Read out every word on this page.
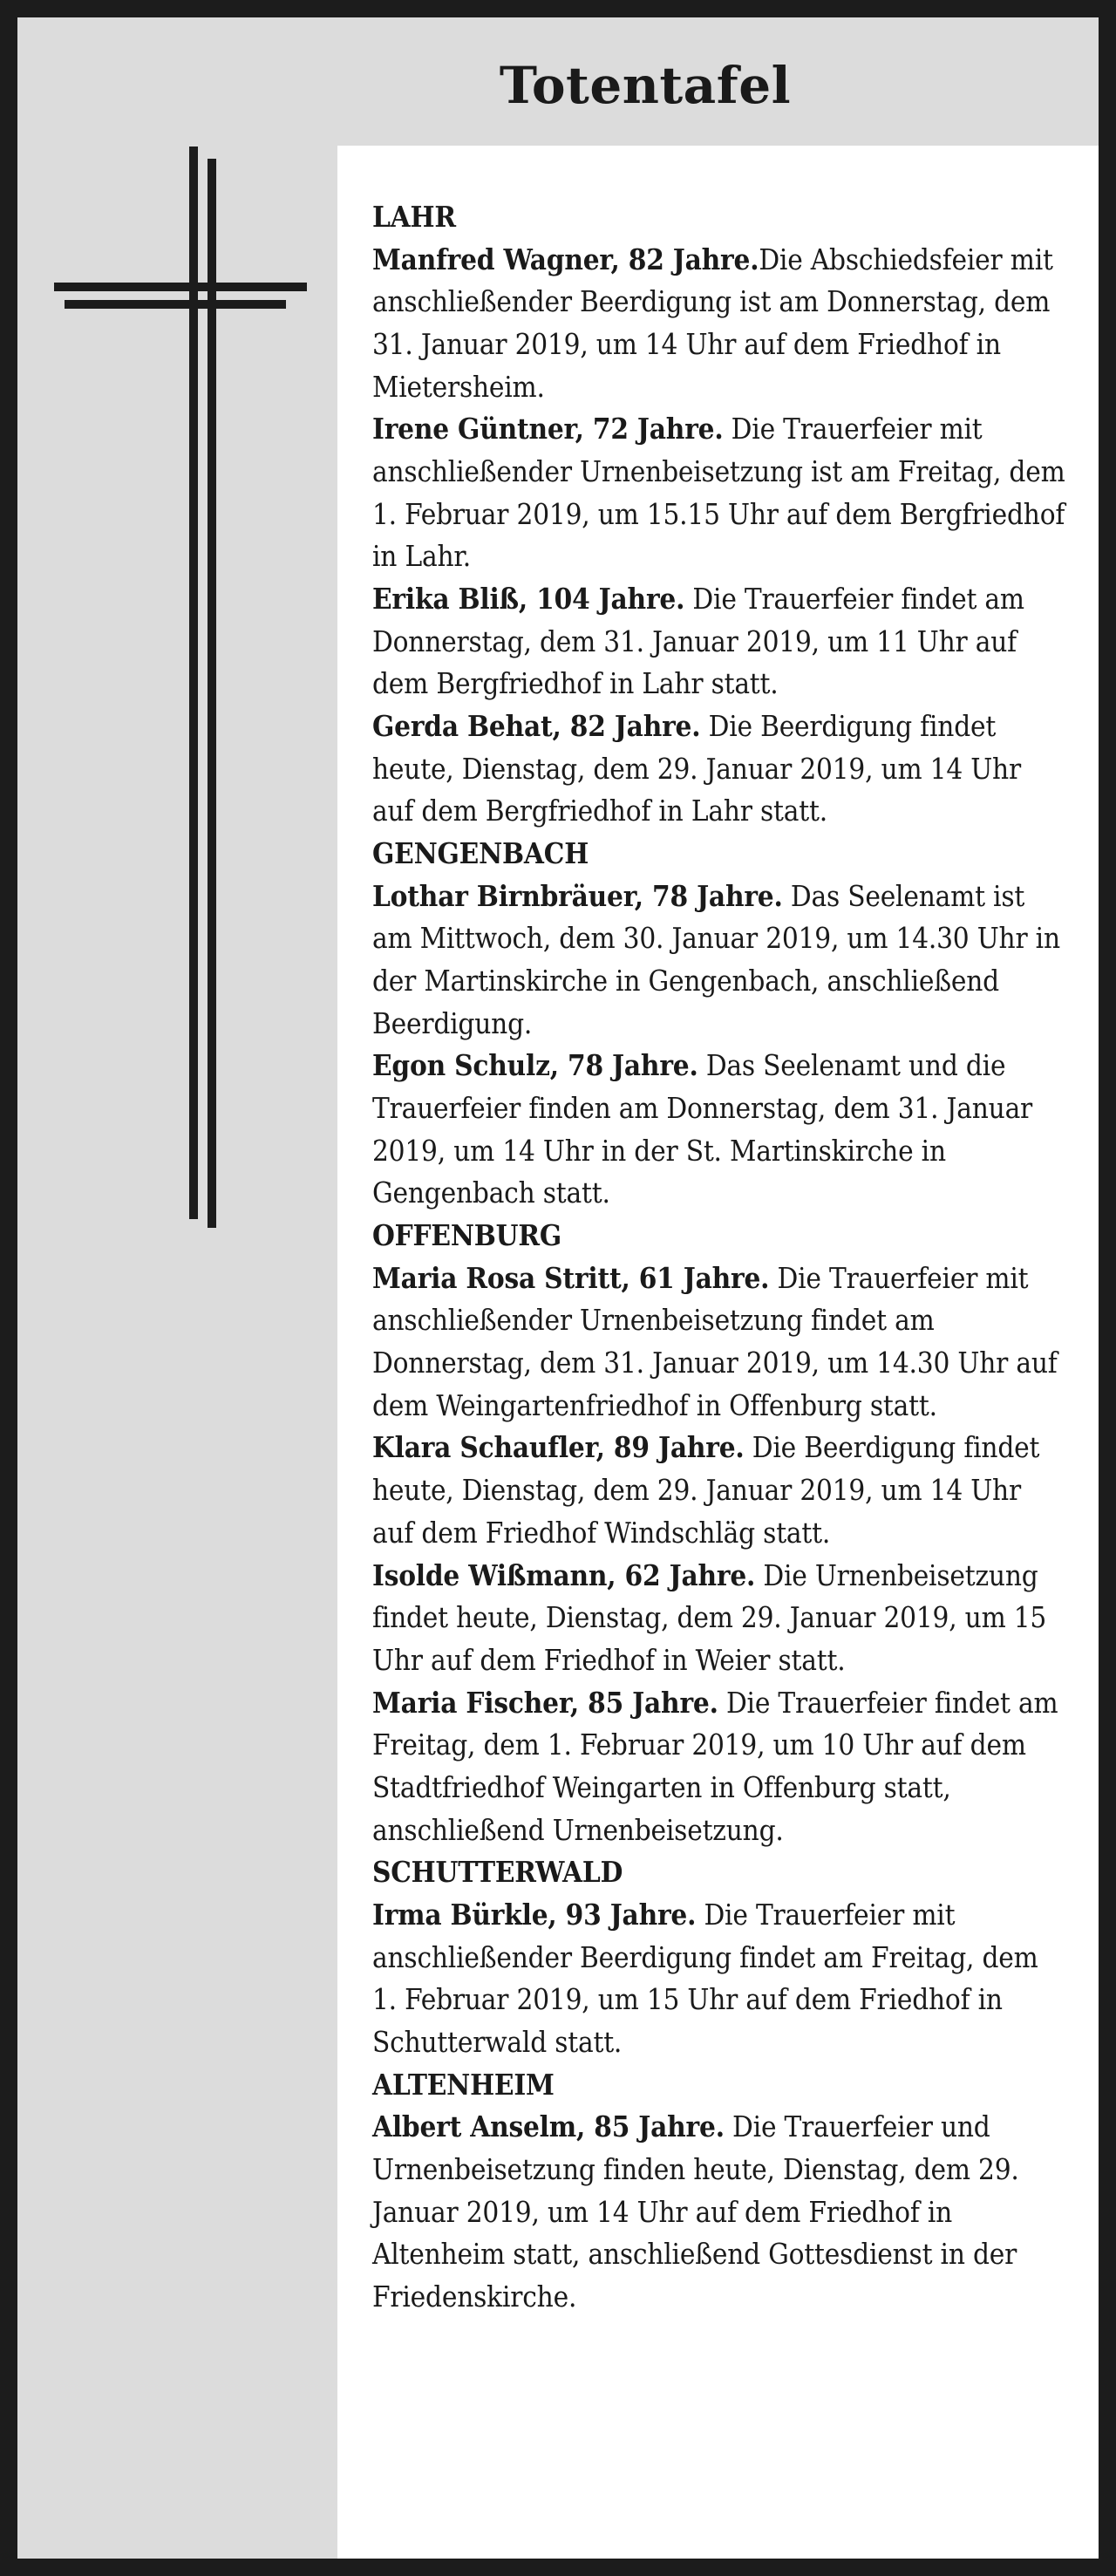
Totentafel
LAHR
Manfred Wagner, 82 Jahre.Die Abschiedsfeier mit anschließender Beerdigung ist am Donnerstag, dem 31. Januar 2019, um 14 Uhr auf dem Friedhof in Mietersheim.
Irene Güntner, 72 Jahre. Die Trauerfeier mit anschließender Urnenbeisetzung ist am Freitag, dem 1. Februar 2019, um 15.15 Uhr auf dem Bergfriedhof in Lahr.
Erika Bliß, 104 Jahre. Die Trauerfeier findet am Donnerstag, dem 31. Januar 2019, um 11 Uhr auf dem Bergfriedhof in Lahr statt.
Gerda Behat, 82 Jahre. Die Beerdigung findet heute, Dienstag, dem 29. Januar 2019, um 14 Uhr auf dem Bergfriedhof in Lahr statt.
GENGENBACH
Lothar Birnbräuer, 78 Jahre. Das Seelenamt ist am Mittwoch, dem 30. Januar 2019, um 14.30 Uhr in der Martinskirche in Gengenbach, anschließend Beerdigung.
Egon Schulz, 78 Jahre. Das Seelenamt und die Trauerfeier finden am Donnerstag, dem 31. Januar 2019, um 14 Uhr in der St. Martinskirche in Gengenbach statt.
OFFENBURG
Maria Rosa Stritt, 61 Jahre. Die Trauerfeier mit anschließender Urnenbeisetzung findet am Donnerstag, dem 31. Januar 2019, um 14.30 Uhr auf dem Weingartenfriedhof in Offenburg statt.
Klara Schaufler, 89 Jahre. Die Beerdigung findet heute, Dienstag, dem 29. Januar 2019, um 14 Uhr auf dem Friedhof Windschläg statt.
Isolde Wißmann, 62 Jahre. Die Urnenbeisetzung findet heute, Dienstag, dem 29. Januar 2019, um 15 Uhr auf dem Friedhof in Weier statt.
Maria Fischer, 85 Jahre. Die Trauerfeier findet am Freitag, dem 1. Februar 2019, um 10 Uhr auf dem Stadtfriedhof Weingarten in Offenburg statt, anschließend Urnenbeisetzung.
SCHUTTERWALD
Irma Bürkle, 93 Jahre. Die Trauerfeier mit anschließender Beerdigung findet am Freitag, dem 1. Februar 2019, um 15 Uhr auf dem Friedhof in Schutterwald statt.
ALTENHEIM
Albert Anselm, 85 Jahre. Die Trauerfeier und Urnenbeisetzung finden heute, Dienstag, dem 29. Januar 2019, um 14 Uhr auf dem Friedhof in Altenheim statt, anschließend Gottesdienst in der Friedenskirche.
